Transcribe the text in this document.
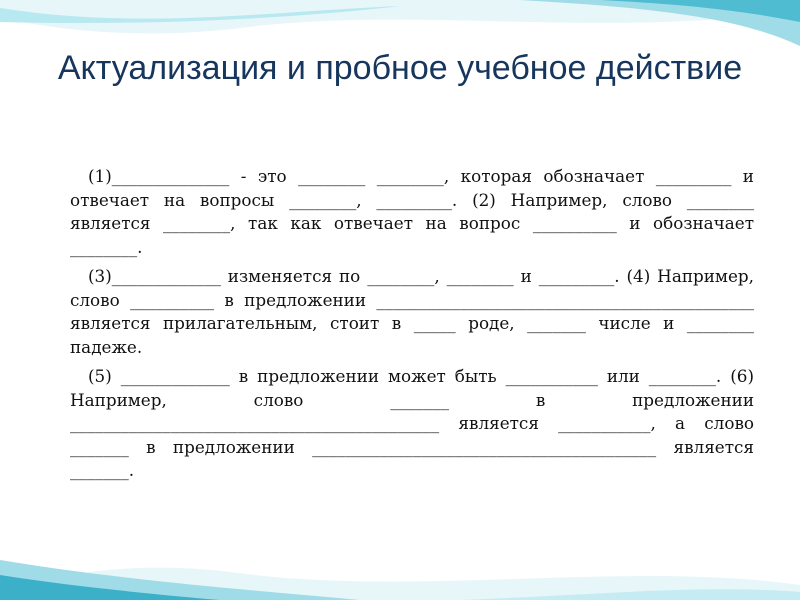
Актуализация и пробное учебное действие

(1)______________ - это ________ ________, которая обозначает _________ и отвечает на вопросы ________, _________. (2) Например, слово ________ является ________, так как отвечает на вопрос __________ и обозначает ________.

(3)_____________ изменяется по ________, ________ и _________. (4) Например, слово __________ в предложении _____________________________________________ является прилагательным, стоит в _____ роде, _______ числе и ________ падеже.

(5) _____________ в предложении может быть ___________ или ________. (6) Например, слово _______ в предложении ____________________________________________ является ___________, а слово _______ в предложении _________________________________________ является _______.
